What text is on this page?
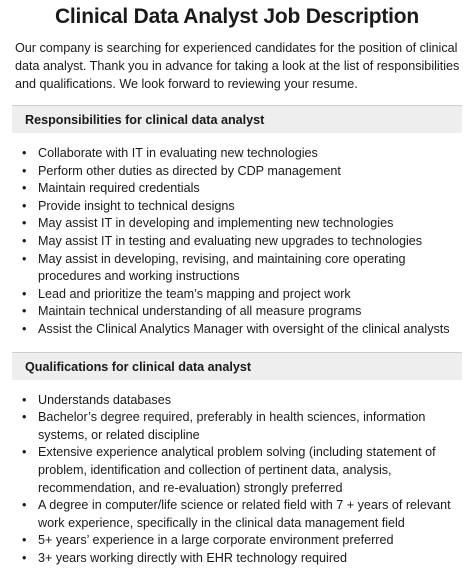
Clinical Data Analyst Job Description

Our company is searching for experienced candidates for the position of clinical data analyst. Thank you in advance for taking a look at the list of responsibilities and qualifications. We look forward to reviewing your resume.

Responsibilities for clinical data analyst
• Collaborate with IT in evaluating new technologies
• Perform other duties as directed by CDP management
• Maintain required credentials
• Provide insight to technical designs
• May assist IT in developing and implementing new technologies
• May assist IT in testing and evaluating new upgrades to technologies
• May assist in developing, revising, and maintaining core operating procedures and working instructions
• Lead and prioritize the team’s mapping and project work
• Maintain technical understanding of all measure programs
• Assist the Clinical Analytics Manager with oversight of the clinical analysts
Qualifications for clinical data analyst
• Understands databases
• Bachelor’s degree required, preferably in health sciences, information systems, or related discipline
• Extensive experience analytical problem solving (including statement of problem, identification and collection of pertinent data, analysis, recommendation, and re-evaluation) strongly preferred
• A degree in computer/life science or related field with 7 + years of relevant work experience, specifically in the clinical data management field
• 5+ years’ experience in a large corporate environment preferred
• 3+ years working directly with EHR technology required
